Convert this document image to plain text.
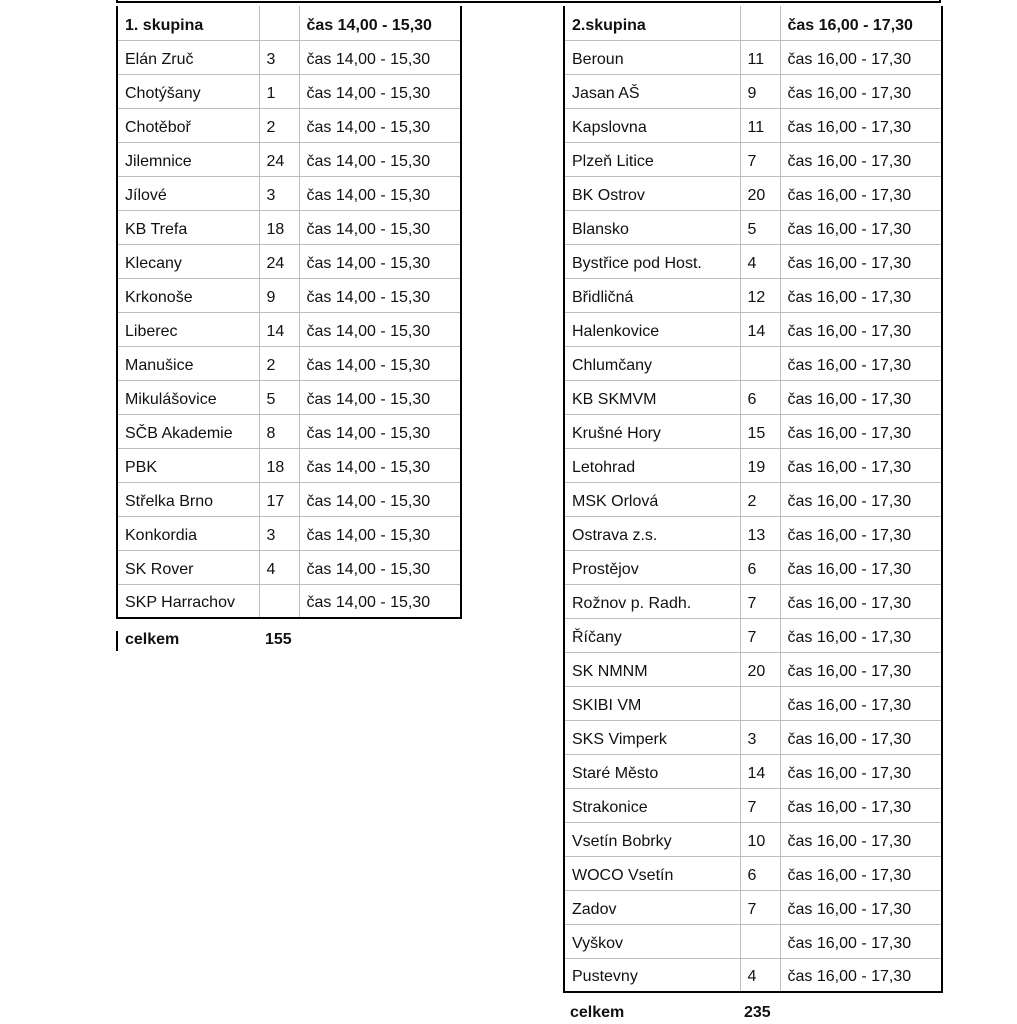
1. skupina		čas 14,00 - 15,30
Elán Zruč	3	čas 14,00 - 15,30
Chotýšany	1	čas 14,00 - 15,30
Chotěboř	2	čas 14,00 - 15,30
Jilemnice	24	čas 14,00 - 15,30
Jílové	3	čas 14,00 - 15,30
KB Trefa	18	čas 14,00 - 15,30
Klecany	24	čas 14,00 - 15,30
Krkonoše	9	čas 14,00 - 15,30
Liberec	14	čas 14,00 - 15,30
Manušice	2	čas 14,00 - 15,30
Mikulášovice	5	čas 14,00 - 15,30
SČB Akademie	8	čas 14,00 - 15,30
PBK	18	čas 14,00 - 15,30
Střelka Brno	17	čas 14,00 - 15,30
Konkordia	3	čas 14,00 - 15,30
SK Rover	4	čas 14,00 - 15,30
SKP Harrachov		čas 14,00 - 15,30
celkem	155
2.skupina		čas 16,00 - 17,30
Beroun	11	čas 16,00 - 17,30
Jasan AŠ	9	čas 16,00 - 17,30
Kapslovna	11	čas 16,00 - 17,30
Plzeň Litice	7	čas 16,00 - 17,30
BK Ostrov	20	čas 16,00 - 17,30
Blansko	5	čas 16,00 - 17,30
Bystřice pod Host.	4	čas 16,00 - 17,30
Břidličná	12	čas 16,00 - 17,30
Halenkovice	14	čas 16,00 - 17,30
Chlumčany		čas 16,00 - 17,30
KB SKMVM	6	čas 16,00 - 17,30
Krušné Hory	15	čas 16,00 - 17,30
Letohrad	19	čas 16,00 - 17,30
MSK Orlová	2	čas 16,00 - 17,30
Ostrava z.s.	13	čas 16,00 - 17,30
Prostějov	6	čas 16,00 - 17,30
Rožnov p. Radh.	7	čas 16,00 - 17,30
Říčany	7	čas 16,00 - 17,30
SK NMNM	20	čas 16,00 - 17,30
SKIBI VM		čas 16,00 - 17,30
SKS Vimperk	3	čas 16,00 - 17,30
Staré Město	14	čas 16,00 - 17,30
Strakonice	7	čas 16,00 - 17,30
Vsetín Bobrky	10	čas 16,00 - 17,30
WOCO Vsetín	6	čas 16,00 - 17,30
Zadov	7	čas 16,00 - 17,30
Vyškov		čas 16,00 - 17,30
Pustevny	4	čas 16,00 - 17,30
celkem	235
